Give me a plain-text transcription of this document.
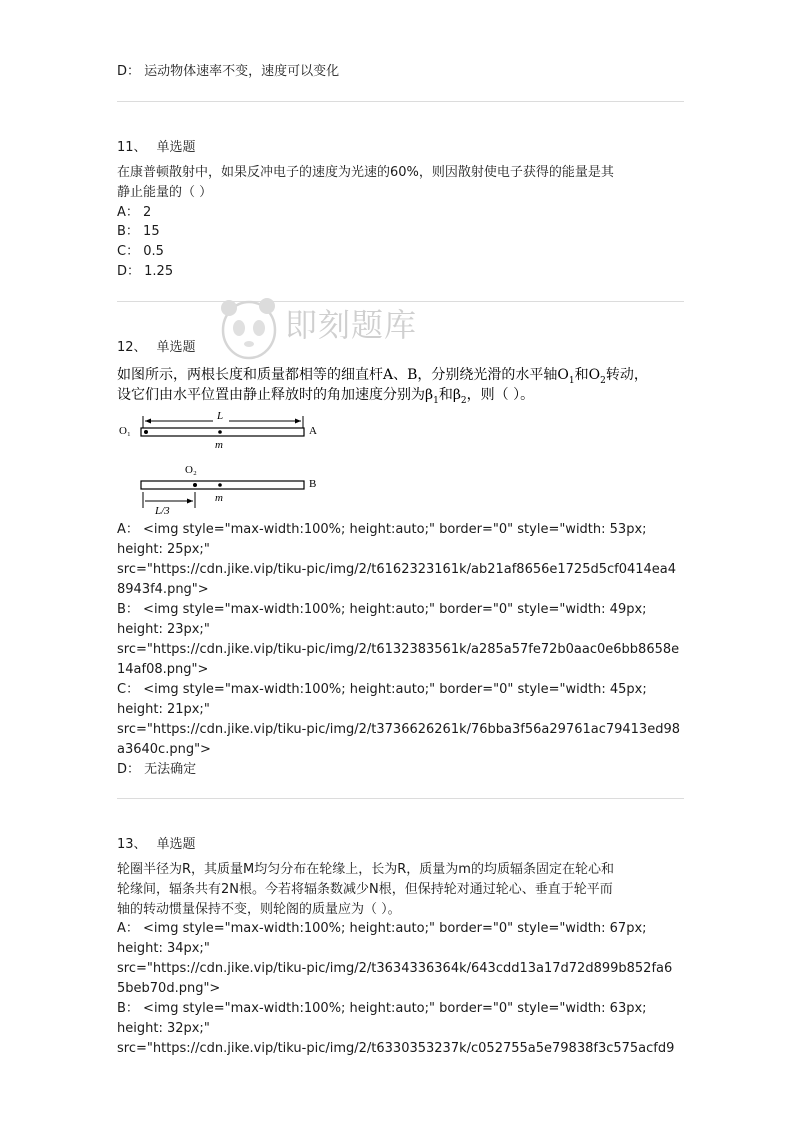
D： 运动物体速率不变，速度可以变化
11、 单选题
在康普顿散射中，如果反冲电子的速度为光速的60%，则因散射使电子获得的能量是其
静止能量的（ ）
A： 2
B： 15
C： 0.5
D： 1.25
12、 单选题
如图所示，两根长度和质量都相等的细直杆A、B，分别绕光滑的水平轴$O_1$和$O_2$转动，
设它们由水平位置由静止释放时的角加速度分别为$\beta_1$和$\beta_2$，则（ ）。
L
O₁	A
m
O₂
B
m
L/3
A： <img style="max-width:100%; height:auto;" border="0" style="width: 53px;
height: 25px;"
src="https://cdn.jike.vip/tiku-pic/img/2/t6162323161k/ab21af8656e1725d5cf0414ea4
8943f4.png">
B： <img style="max-width:100%; height:auto;" border="0" style="width: 49px;
height: 23px;"
src="https://cdn.jike.vip/tiku-pic/img/2/t6132383561k/a285a57fe72b0aac0e6bb8658e
14af08.png">
C： <img style="max-width:100%; height:auto;" border="0" style="width: 45px;
height: 21px;"
src="https://cdn.jike.vip/tiku-pic/img/2/t3736626261k/76bba3f56a29761ac79413ed98
a3640c.png">
D： 无法确定
13、 单选题
轮圈半径为R，其质量M均匀分布在轮缘上，长为R，质量为m的均质辐条固定在轮心和
轮缘间，辐条共有2N根。今若将辐条数减少N根，但保持轮对通过轮心、垂直于轮平而
轴的转动惯量保持不变，则轮阁的质量应为（ ）。
A： <img style="max-width:100%; height:auto;" border="0" style="width: 67px;
height: 34px;"
src="https://cdn.jike.vip/tiku-pic/img/2/t3634336364k/643cdd13a17d72d899b852fa6
5beb70d.png">
B： <img style="max-width:100%; height:auto;" border="0" style="width: 63px;
height: 32px;"
src="https://cdn.jike.vip/tiku-pic/img/2/t6330353237k/c052755a5e79838f3c575acfd9
即刻题库
